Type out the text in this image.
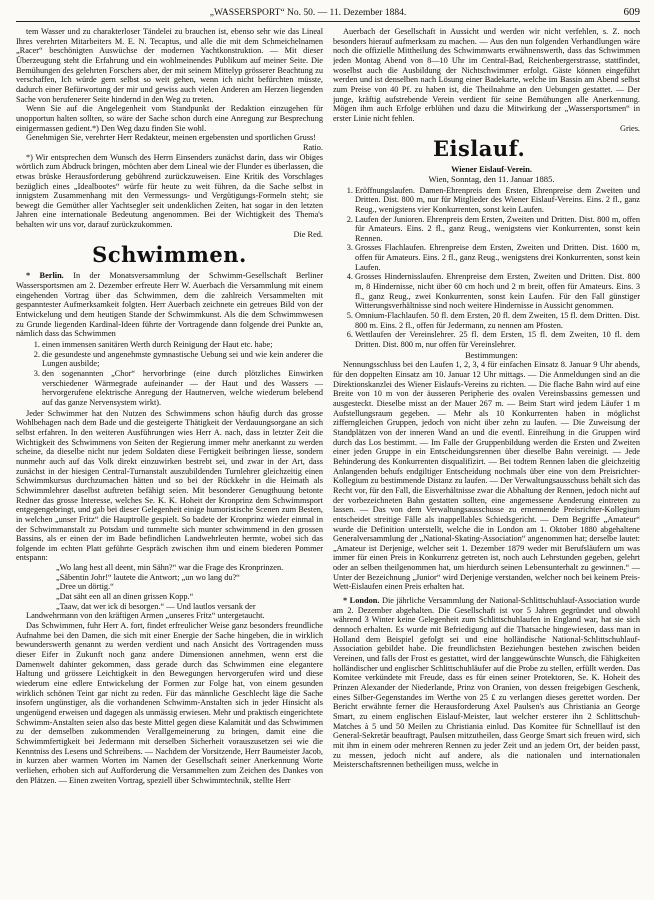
„WASSERSPORT“ No. 50. — 11. Dezember 1884.	609

tem Wasser und zu charakterloser Tändelei zu brauchen ist, ebenso sehr wie das Lineal Ihres verehrten Mitarbeiters M. E. N. Tecaptus, und alle die mit dem Schmeichelnamen „Racer“ beschönigten Auswüchse der modernen Yachtkonstruktion. — Mit dieser Überzeugung steht die Erfahrung und ein wohlmeinendes Publikum auf meiner Seite. Die Bemühungen des gelehrten Forschers aber, der mit seinem Mittelyp grösserer Beachtung zu verschaffen, Ich würde gern selbst so weit gehen, wenn ich nicht befürchten müsste, dadurch einer Befürwortung der mir und gewiss auch vielen Anderen am Herzen liegenden Sache von berufenerer Seite hindernd in den Weg zu treten.

Wenn Sie auf die Angelegenheit vom Standpunkt der Redaktion einzugehen für unopportun halten sollten, so wäre der Sache schon durch eine Anregung zur Besprechung einigermassen gedient.*) Den Weg dazu finden Sie wohl.

Genehmigen Sie, verehrter Herr Redakteur, meinen ergebensten und sportlichen Gruss!

Ratio.

*) Wir entsprechen dem Wunsch des Herrn Einsenders zunächst darin, dass wir Obiges wörtlich zum Abdruck bringen, möchten aber dem Lineal wie der Flunder es überlassen, die etwas brüske Herausforderung gebührend zurückzuweisen. Eine Kritik des Vorschlages bezüglich eines „Idealbootes“ würfe für heute zu weit führen, da die Sache selbst in innigstem Zusammenhang mit den Vermessungs- und Vergütigungs-Formeln steht; sie bewegt die Gemüther aller Yachtsegler seit undenklichen Zeiten, hat sogar in den letzten Jahren eine internationale Bedeutung angenommen. Bei der Wichtigkeit des Thema's behalten wir uns vor, darauf zurückzukommen.

Die Red.

Schwimmen.

* Berlin. In der Monatsversammlung der Schwimm-Gesellschaft Berliner Wassersportsmen am 2. Dezember erfreute Herr W. Auerbach die Versammlung mit einem eingehenden Vortrag über das Schwimmen, dem die zahlreich Versammelten mit gespanntester Aufmerksamkeit folgten. Herr Auerbach zeichnete ein getreues Bild von der Entwickelung und dem heutigen Stande der Schwimmkunst. Als die dem Schwimmwesen zu Grunde liegenden Kardinal-Ideen führte der Vortragende dann folgende drei Punkte an, nämlich dass das Schwimmen

1. einen immensen sanitären Werth durch Reinigung der Haut etc. habe;
2. die gesundeste und angenehmste gymnastische Uebung sei und wie kein anderer die Lungen ausbilde;
3. den sogenannten „Chor“ hervorbringe (eine durch plötzliches Einwirken verschiedener Wärmegrade aufeinander — der Haut und des Wassers — hervorgerufene elektrische Anregung der Hautnerven, welche wiederum belebend auf das ganze Nervensystem wirkt).

Jeder Schwimmer hat den Nutzen des Schwimmens schon häufig durch das grosse Wohlbehagen nach dem Bade und die gesteigerte Thätigkeit der Verdauungsorgane an sich selbst erfahren. In den weiteren Ausführungen wies Herr A. nach, dass in letzter Zeit die Wichtigkeit des Schwimmens von Seiten der Regierung immer mehr anerkannt zu werden scheine, da dieselbe nicht nur jedem Soldaten diese Fertigkeit beibringen liesse, sondern nunmehr auch auf das Volk direkt einzuwirken bestrebt sei, und zwar in der Art, dass zunächst in der hiesigen Central-Turnanstalt auszubildenden Turnlehrer gleichzeitig einen Schwimmkursus durchzumachen hätten und so bei der Rückkehr in die Heimath als Schwimmlehrer daselbst auftreten befähigt seien. Mit besonderer Genugthuung betonte Redner das grosse Interesse, welches Se. K. K. Hoheit der Kronprinz dem Schwimmsport entgegengebringt, und gab bei dieser Gelegenheit einige humoristische Scenen zum Besten, in welchen „unser Fritz“ die Hauptrolle gespielt. So badete der Kronprinz wieder einmal in der Schwimmanstalt zu Potsdam und tummelte sich munter schwimmend in den grossen Bassins, als er einen der im Bade befindlichen Landwehrleuten hermte, wobei sich das folgende im echten Platt geführte Gespräch zwischen ihm und einem biederen Pommer entspann:

„Wo lang hest all deent, min Sähn?“ war die Frage des Kronprinzen.

„Säbentin Johr!“ lautete die Antwort; „un wo lang du?“

„Dree un dörtig.“

„Dat säht een all an dinen grissen Kopp.“

„Taaw, dat wer ick di besorgen.“ — Und lautlos versank der

Landwehrmann von den kräftigen Armen „unseres Fritz“ untergetaucht.

Das Schwimmen, fuhr Herr A. fort, findet erfreulicher Weise ganz besonders freundliche Aufnahme bei den Damen, die sich mit einer Energie der Sache hingeben, die in wirklich bewunderswerth genannt zu werden verdient und nach Ansicht des Vortragenden muss dieser Eifer in Zukunft noch ganz andere Dimensionen annehmen, wenn erst die Damenwelt dahinter gekommen, dass gerade durch das Schwimmen eine elegantere Haltung und grössere Leichtigkeit in den Bewegungen hervorgerufen wird und diese wiederum eine edlere Entwickelung der Formen zur Folge hat, von einem gesunden wirklich schönen Teint gar nicht zu reden. Für das männliche Geschlecht läge die Sache insofern ungünstiger, als die vorhandenen Schwimm-Anstalten sich in jeder Hinsicht als ungenügend erweisen und dagegen als unmässig erwiesen. Mehr und praktisch eingerichtete Schwimm-Anstalten seien also das beste Mittel gegen diese Kalamität und das Schwimmen zu der demselben zukommenden Verallgemeinerung zu bringen, damit eine die Schwimmfertigkeit bei Jedermann mit derselben Sicherheit vorauszusetzen sei wie die Kenntniss des Lesens und Schreibens. — Nachdem der Vorsitzende, Herr Baumeister Jacob, in kurzen aber warmen Worten im Namen der Gesellschaft seiner Anerkennung Worte verliehen, erhoben sich auf Aufforderung die Versammelten zum Zeichen des Dankes von den Plätzen. — Einen zweiten Vortrag, speziell über Schwimmtechnik, stellte Herr

Auerbach der Gesellschaft in Aussicht und werden wir nicht verfehlen, s. Z. noch besonders hierauf aufmerksam zu machen. — Aus den nun folgenden Verhandlungen wäre noch die offizielle Mittheilung des Schwimmwarts erwähnenswerth, dass das Schwimmen jeden Montag Abend von 8—10 Uhr im Central-Bad, Reichenbergerstrasse, stattfindet, woselbst auch die Ausbildung der Nichtschwimmer erfolgt. Gäste können eingeführt werden und ist denselben nach Lösung einer Badekarte, welche im Bassin am Abend selbst zum Preise von 40 Pf. zu haben ist, die Theilnahme an den Uebungen gestattet. — Der junge, kräftig aufstrebende Verein verdient für seine Bemühungen alle Anerkennung. Mögen ihm auch Erfolge erblühen und dazu die Mitwirkung der „Wassersportsmen“ in erster Linie nicht fehlen.

Gries.

Eislauf.

Wiener Eislauf-Verein.

Wien, Sonntag, den 11. Januar 1885.

1. Eröffnungslaufen. Damen-Ehrenpreis dem Ersten, Ehrenpreise dem Zweiten und Dritten. Dist. 800 m, nur für Mitglieder des Wiener Eislauf-Vereins. Eins. 2 fl., ganz Reug., wenigstens vier Konkurrenten, sonst kein Laufen.
2. Laufen der Junioren. Ehrenpreis dem Ersten, Zweiten und Dritten. Dist. 800 m, offen für Amateurs. Eins. 2 fl., ganz Reug., wenigstens vier Konkurrenten, sonst kein Rennen.
3. Grosses Flachlaufen. Ehrenpreise dem Ersten, Zweiten und Dritten. Dist. 1600 m, offen für Amateurs. Eins. 2 fl., ganz Reug., wenigstens drei Konkurrenten, sonst kein Laufen.
4. Grosses Hindernisslaufen. Ehrenpreise dem Ersten, Zweiten und Dritten. Dist. 800 m, 8 Hindernisse, nicht über 60 cm hoch und 2 m breit, offen für Amateurs. Eins. 3 fl., ganz Reug., zwei Konkurrenten, sonst kein Laufen. Für den Fall günstiger Witterungsverhältnisse sind noch weitere Hindernisse in Aussicht genommen.
5. Omnium-Flachlaufen. 50 fl. dem Ersten, 20 fl. dem Zweiten, 15 fl. dem Dritten. Dist. 800 m. Eins. 2 fl., offen für Jedermann, zu nennen am Pfosten.
6. Wettlaufen der Vereinslehrer. 25 fl. dem Ersten, 15 fl. dem Zweiten, 10 fl. dem Dritten. Dist. 800 m, nur offen für Vereinslehrer.

Bestimmungen:

Nennungsschluss bei den Laufen 1, 2, 3, 4 für einfachen Einsatz 8. Januar 9 Uhr abends, für den doppelten Einsatz am 10. Januar 12 Uhr mittags. — Die Anmeldungen sind an die Direktionskanzlei des Wiener Eislaufs-Vereins zu richten. — Die flache Bahn wird auf eine Breite von 10 m von der äusseren Peripherie des ovalen Vereinsbassins gemessen und ausgesteckt. Dieselbe misst an der Mauer 267 m. — Beim Start wird jedem Läufer 1 m Aufstellungsraum gegeben. — Mehr als 10 Konkurrenten haben in möglichst zifferngleichen Gruppen, jedoch von nicht über zehn zu laufen. — Die Zuweisung der Standplätzen von der inneren Wand an und die eventl. Einreihung in die Gruppen wird durch das Los bestimmt. — Im Falle der Gruppenbildung werden die Ersten und Zweiten einer jeden Gruppe in ein Entscheidungsrennen über dieselbe Bahn vereinigt. — Jede Behinderung des Konkurrenten disqualifizirt. — Bei todtem Rennen laben die gleichzeitig Anlangenden behufs endgiltiger Entscheidung nochmals über eine von dem Preisrichter-Kollegium zu bestimmende Distanz zu laufen. — Der Verwaltungsausschuss behält sich das Recht vor, für den Fall, die Eisverhältnisse zwar die Abhaltung der Rennen, jedoch nicht auf der vorbezeichneten Bahn gestatten sollten, eine angemessene Aenderung eintreten zu lassen. — Das von dem Verwaltungsausschusse zu ernennende Preisrichter-Kollegium entscheidet streitige Fälle als inappellables Schiedsgericht. — Dem Begriffe „Amateur“ wurde die Definition unterstellt, welche die in London am 1. Oktober 1880 abgehaltene Generalversammlung der „National-Skating-Association“ angenommen hat; derselbe lautet: „Amateur ist Derjenige, welcher seit 1. Dezember 1879 weder mit Berufsläufern um was immer für einen Preis in Konkurrenz getreten ist, noch auch Lehrstunden gegeben, gelehrt oder an selben theilgenommen hat, um hierdurch seinen Lebensunterhalt zu gewinnen.“ — Unter der Bezeichnung „Junior“ wird Derjenige verstanden, welcher noch bei keinem Preis-Wett-Eislaufen einen Preis erhalten hat.

* London. Die jährliche Versammlung der National-Schlittschuhlauf-Association wurde am 2. Dezember abgehalten. Die Gesellschaft ist vor 5 Jahren gegründet und obwohl während 3 Winter keine Gelegenheit zum Schlittschuhlaufen in England war, hat sie sich dennoch erhalten. Es wurde mit Befriedigung auf die Thatsache hingewiesen, dass man in Holland dem Beispiel gefolgt sei und eine holländische National-Schlittschuhlauf-Association gebildet habe. Die freundlichsten Beziehungen bestehen zwischen beiden Vereinen, und falls der Frost es gestattet, wird der langgewünschte Wunsch, die Fähigkeiten holländischer und englischer Schlittschuhläufer auf die Probe zu stellen, erfüllt werden. Das Komitee verkündete mit Freude, dass es für einen seiner Protektoren, Se. K. Hoheit des Prinzen Alexander der Niederlande, Prinz von Oranien, von dessen freigebigen Geschenk, eines Silber-Gegenstandes im Werthe von 25 ₤ zu verlangen dieses gerettet worden. Der Bericht erwähnte ferner die Herausforderung Axel Paulsen's aus Christiania an George Smart, zu einem englischen Eislauf-Meister, laut welcher ersterer ihn 2 Schlittschuh-Matches à 5 und 50 Meilen zu Christiania einlud. Das Komitee für Schnelllauf ist den General-Sekretär beauftragt, Paulsen mitzutheilen, dass George Smart sich freuen wird, sich mit ihm in einem oder mehreren Rennen zu jeder Zeit und an jedem Ort, der beiden passt, zu messen, jedoch nicht auf andere, als die nationalen und internationalen Meisterschaftsrennen betheiligen muss, welche in
